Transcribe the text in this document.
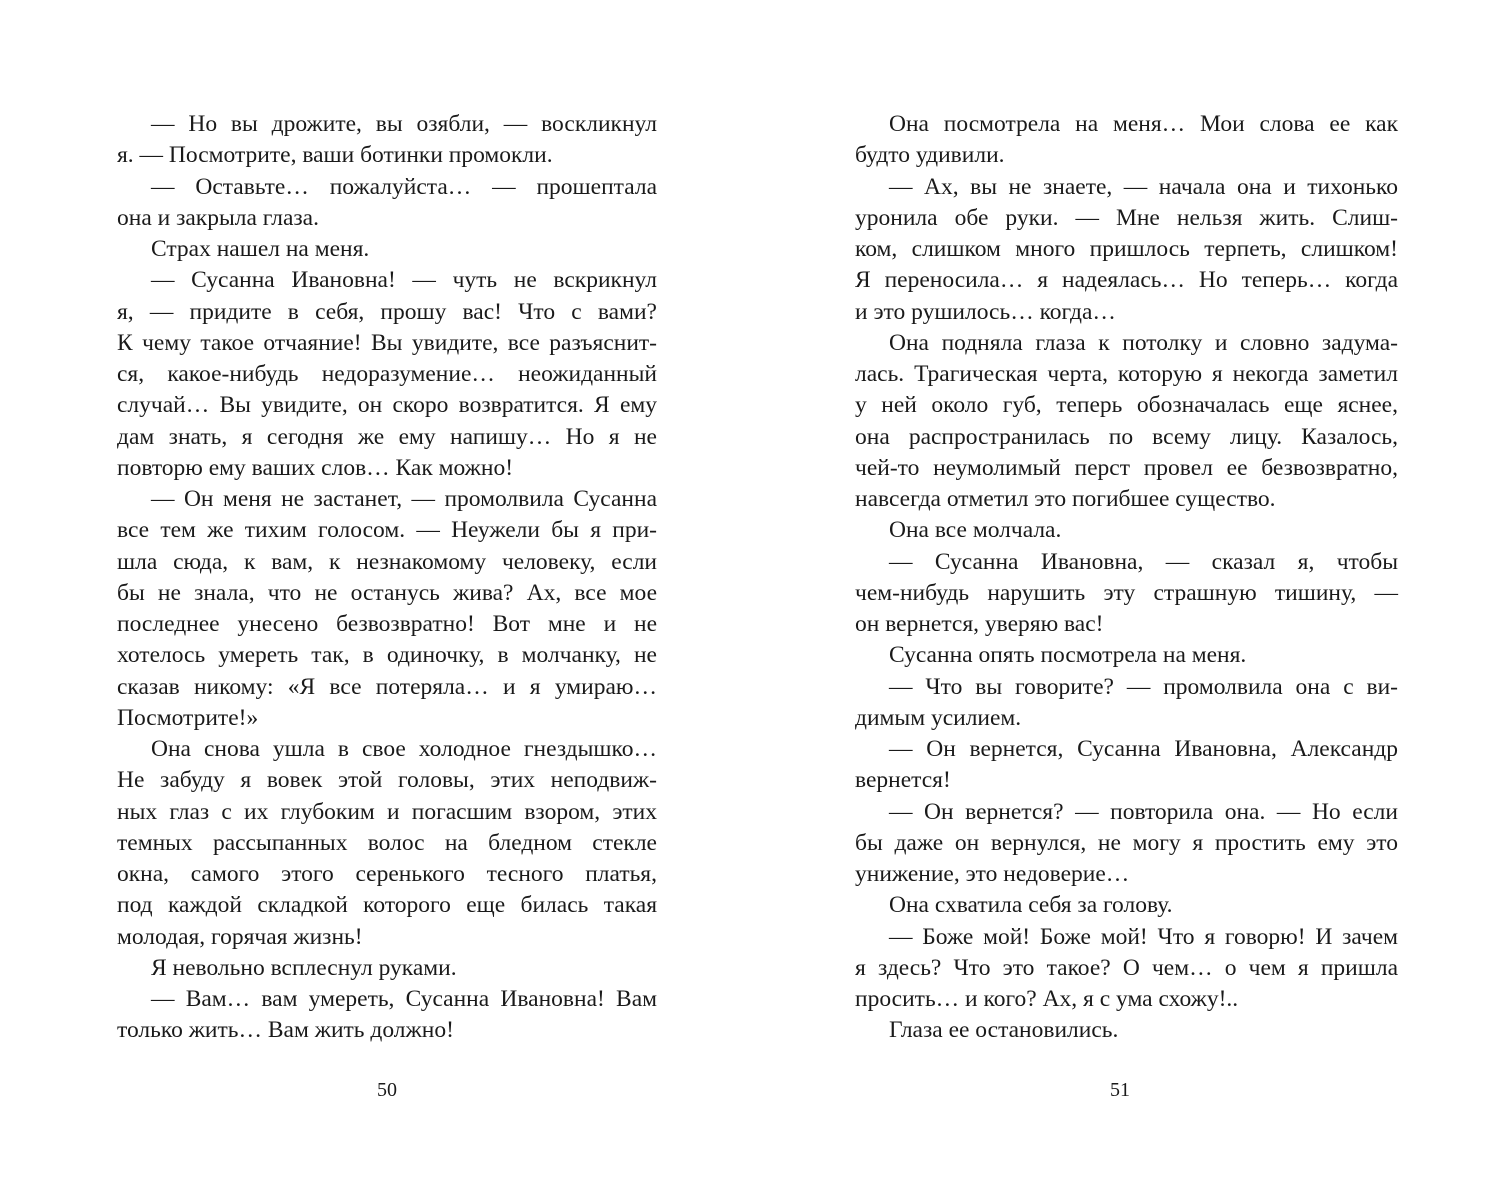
— Но вы дрожите, вы озябли, — воскликнул
я. — Посмотрите, ваши ботинки промокли.
— Оставьте… пожалуйста… — прошептала
она и закрыла глаза.
Страх нашел на меня.
— Сусанна Ивановна! — чуть не вскрикнул
я, — придите в себя, прошу вас! Что с вами?
К чему такое отчаяние! Вы увидите, все разъяснит-
ся, какое-нибудь недоразумение… неожиданный
случай… Вы увидите, он скоро возвратится. Я ему
дам знать, я сегодня же ему напишу… Но я не
повторю ему ваших слов… Как можно!
— Он меня не застанет, — промолвила Сусанна
все тем же тихим голосом. — Неужели бы я при-
шла сюда, к вам, к незнакомому человеку, если
бы не знала, что не останусь жива? Ах, все мое
последнее унесено безвозвратно! Вот мне и не
хотелось умереть так, в одиночку, в молчанку, не
сказав никому: «Я все потеряла… и я умираю…
Посмотрите!»
Она снова ушла в свое холодное гнездышко…
Не забуду я вовек этой головы, этих неподвиж-
ных глаз с их глубоким и погасшим взором, этих
темных рассыпанных волос на бледном стекле
окна, самого этого серенького тесного платья,
под каждой складкой которого еще билась такая
молодая, горячая жизнь!
Я невольно всплеснул руками.
— Вам… вам умереть, Сусанна Ивановна! Вам
только жить… Вам жить должно!
50
Она посмотрела на меня… Мои слова ее как
будто удивили.
— Ах, вы не знаете, — начала она и тихонько
уронила обе руки. — Мне нельзя жить. Слиш-
ком, слишком много пришлось терпеть, слишком!
Я переносила… я надеялась… Но теперь… когда
и это рушилось… когда…
Она подняла глаза к потолку и словно задума-
лась. Трагическая черта, которую я некогда заметил
у ней около губ, теперь обозначалась еще яснее,
она распространилась по всему лицу. Казалось,
чей-то неумолимый перст провел ее безвозвратно,
навсегда отметил это погибшее существо.
Она все молчала.
— Сусанна Ивановна, — сказал я, чтобы
чем-нибудь нарушить эту страшную тишину, —
он вернется, уверяю вас!
Сусанна опять посмотрела на меня.
— Что вы говорите? — промолвила она с ви-
димым усилием.
— Он вернется, Сусанна Ивановна, Александр
вернется!
— Он вернется? — повторила она. — Но если
бы даже он вернулся, не могу я простить ему это
унижение, это недоверие…
Она схватила себя за голову.
— Боже мой! Боже мой! Что я говорю! И зачем
я здесь? Что это такое? О чем… о чем я пришла
просить… и кого? Ах, я с ума схожу!..
Глаза ее остановились.
51
